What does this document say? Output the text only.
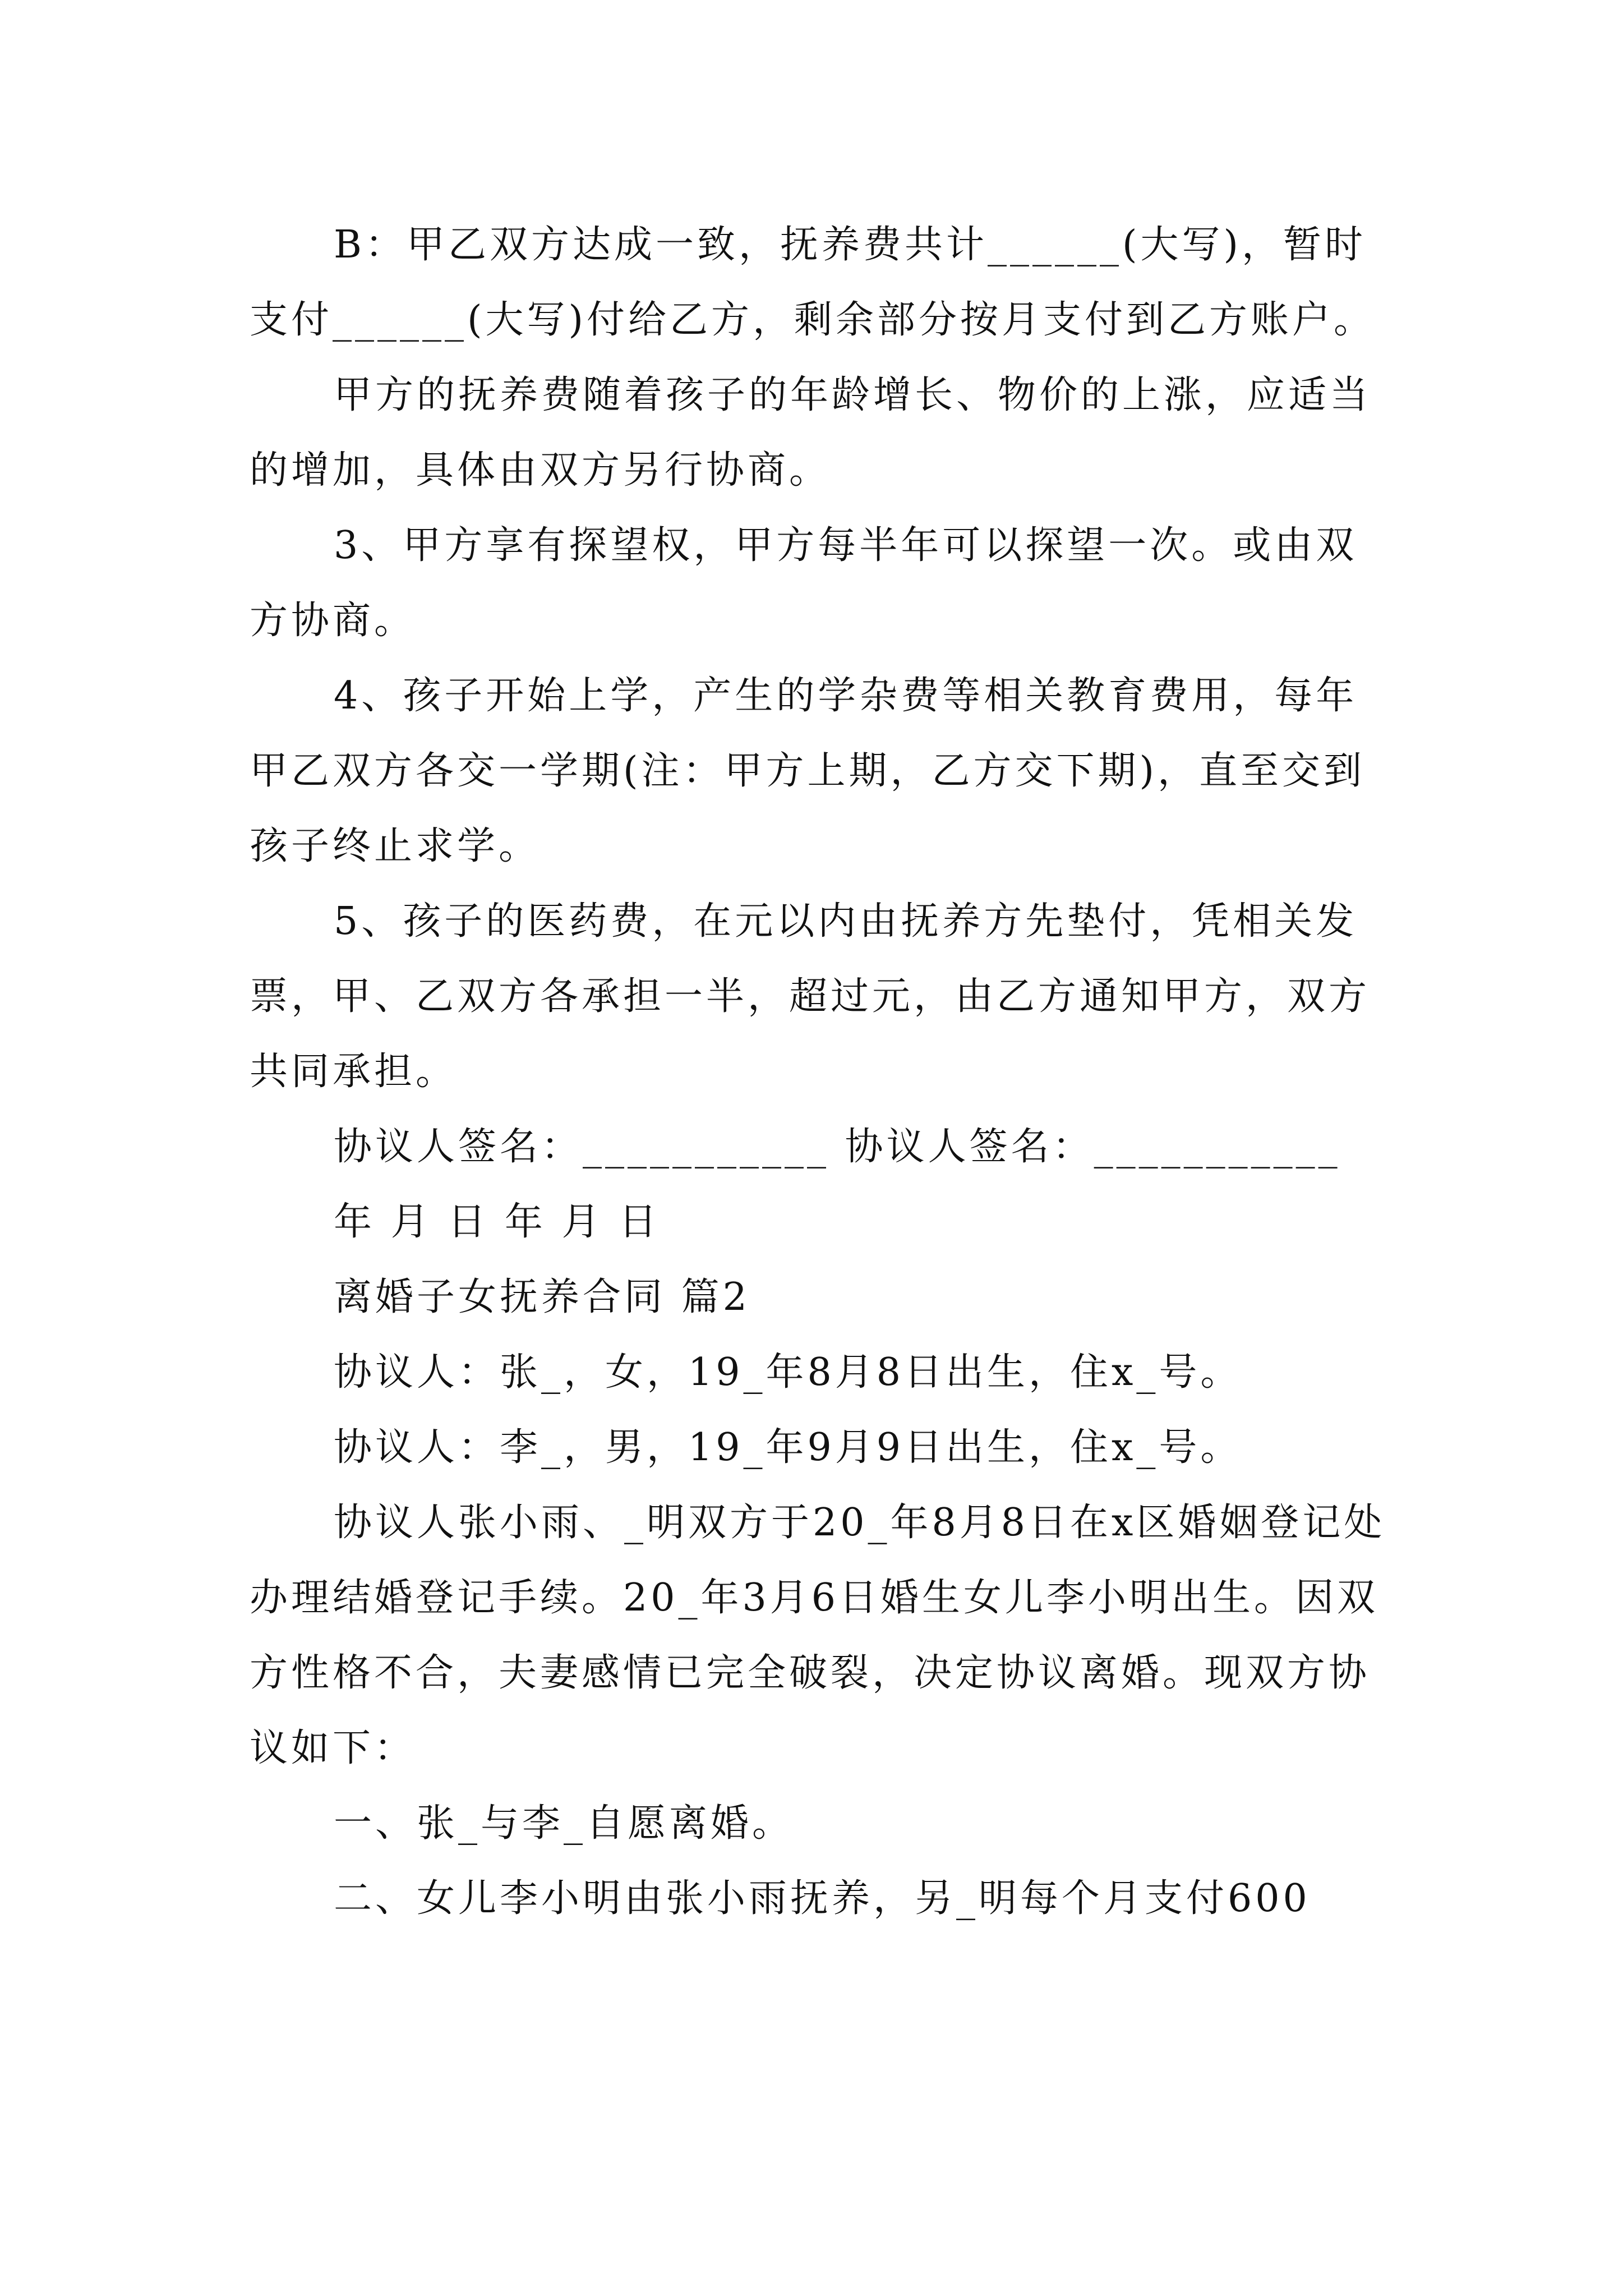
B：甲乙双方达成一致，抚养费共计______(大写)，暂时支付______(大写)付给乙方，剩余部分按月支付到乙方账户。

甲方的抚养费随着孩子的年龄增长、物价的上涨，应适当的增加，具体由双方另行协商。

3、甲方享有探望权，甲方每半年可以探望一次。或由双方协商。

4、孩子开始上学，产生的学杂费等相关教育费用，每年甲乙双方各交一学期(注：甲方上期，乙方交下期)，直至交到孩子终止求学。

5、孩子的医药费，在元以内由抚养方先垫付，凭相关发票，甲、乙双方各承担一半，超过元，由乙方通知甲方，双方共同承担。

协议人签名：___________ 协议人签名：___________

年 月 日 年 月 日

离婚子女抚养合同 篇2

协议人：张_，女，19_年8月8日出生，住x_号。

协议人：李_，男，19_年9月9日出生，住x_号。

协议人张小雨、_明双方于20_年8月8日在x区婚姻登记处办理结婚登记手续。20_年3月6日婚生女儿李小明出生。因双方性格不合，夫妻感情已完全破裂，决定协议离婚。现双方协议如下：

一、张_与李_自愿离婚。

二、女儿李小明由张小雨抚养，另_明每个月支付600
